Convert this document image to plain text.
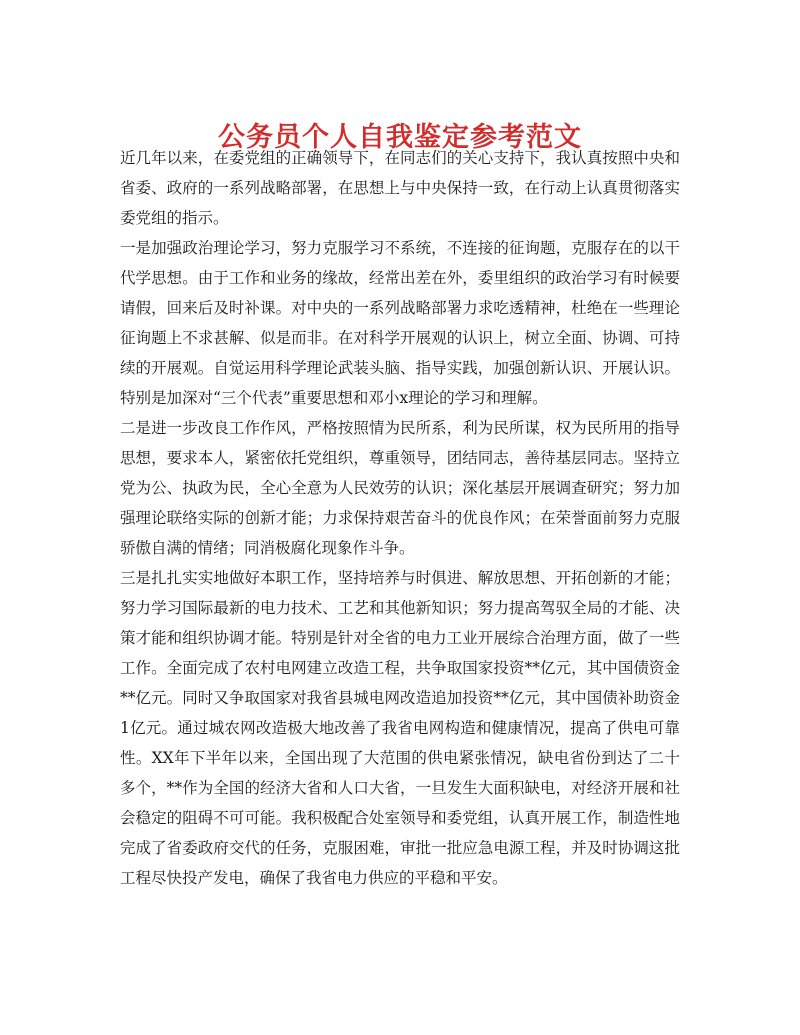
公务员个人自我鉴定参考范文

近几年以来，在委党组的正确领导下，在同志们的关心支持下，我认真按照中央和省委、政府的一系列战略部署，在思想上与中央保持一致，在行动上认真贯彻落实委党组的指示。

一是加强政治理论学习，努力克服学习不系统，不连接的征询题，克服存在的以干代学思想。由于工作和业务的缘故，经常出差在外，委里组织的政治学习有时候要请假，回来后及时补课。对中央的一系列战略部署力求吃透精神，杜绝在一些理论征询题上不求甚解、似是而非。在对科学开展观的认识上，树立全面、协调、可持续的开展观。自觉运用科学理论武装头脑、指导实践，加强创新认识、开展认识。特别是加深对“三个代表”重要思想和邓小x理论的学习和理解。

二是进一步改良工作作风，严格按照情为民所系，利为民所谋，权为民所用的指导思想，要求本人，紧密依托党组织，尊重领导，团结同志，善待基层同志。坚持立党为公、执政为民，全心全意为人民效劳的认识；深化基层开展调查研究；努力加强理论联络实际的创新才能；力求保持艰苦奋斗的优良作风；在荣誉面前努力克服骄傲自满的情绪；同消极腐化现象作斗争。

三是扎扎实实地做好本职工作，坚持培养与时俱进、解放思想、开拓创新的才能；努力学习国际最新的电力技术、工艺和其他新知识；努力提高驾驭全局的才能、决策才能和组织协调才能。特别是针对全省的电力工业开展综合治理方面，做了一些工作。全面完成了农村电网建立改造工程，共争取国家投资**亿元，其中国债资金**亿元。同时又争取国家对我省县城电网改造追加投资**亿元，其中国债补助资金1亿元。通过城农网改造极大地改善了我省电网构造和健康情况，提高了供电可靠性。XX年下半年以来，全国出现了大范围的供电紧张情况，缺电省份到达了二十多个，**作为全国的经济大省和人口大省，一旦发生大面积缺电，对经济开展和社会稳定的阻碍不可可能。我积极配合处室领导和委党组，认真开展工作，制造性地完成了省委政府交代的任务，克服困难，审批一批应急电源工程，并及时协调这批工程尽快投产发电，确保了我省电力供应的平稳和平安。
